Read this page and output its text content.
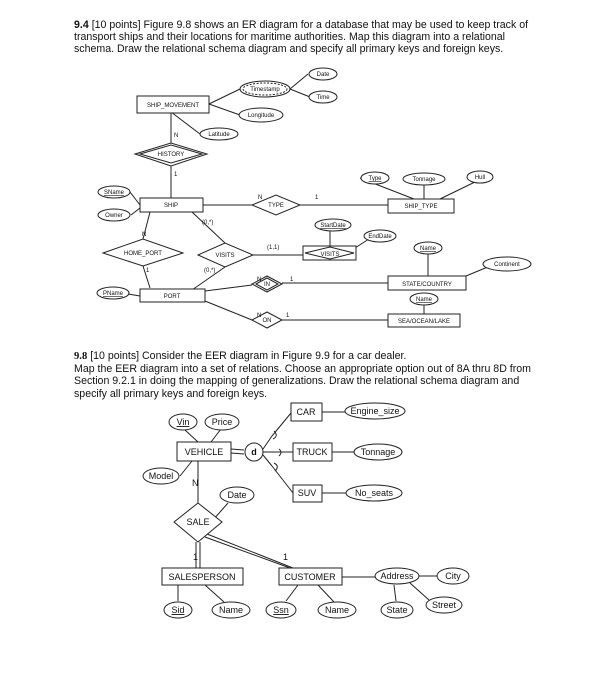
9.4 [10 points] Figure 9.8 shows an ER diagram for a database that may be used to keep track of transport ships and their locations for maritime authorities. Map this diagram into a relational schema. Draw the relational schema diagram and specify all primary keys and foreign keys.

9.8 [10 points] Consider the EER diagram in Figure 9.9 for a car dealer.
Map the EER diagram into a set of relations. Choose an appropriate option out of 8A thru 8D from Section 9.2.1 in doing the mapping of generalizations. Draw the relational schema diagram and specify all primary keys and foreign keys.

SHIP_MOVEMENT
SHIP	SHIP_TYPE
PORT
STATE/COUNTRY
SEA/OCEAN/LAKE
HISTORY
TYPE
HOME_PORT	VISITS	VISITS
IN
ON
Date
Time
Timestamp
Longitude
Latitude
SName
Owner
Type	Tonnage	Hull
StartDate
EndDate
Name
Continent
PName
Name
N
1
N	1
N
1
(0,*)
(1,1)
(0,*)
N	1
N	1
CAR
VEHICLE	TRUCK
SUV
SALESPERSON	CUSTOMER
SALE
d
Vin Price
Model
Engine_size
Tonnage
No_seats
Date
Sid	Name	Ssn	Name
Address	City
State	Street
N
1	1
